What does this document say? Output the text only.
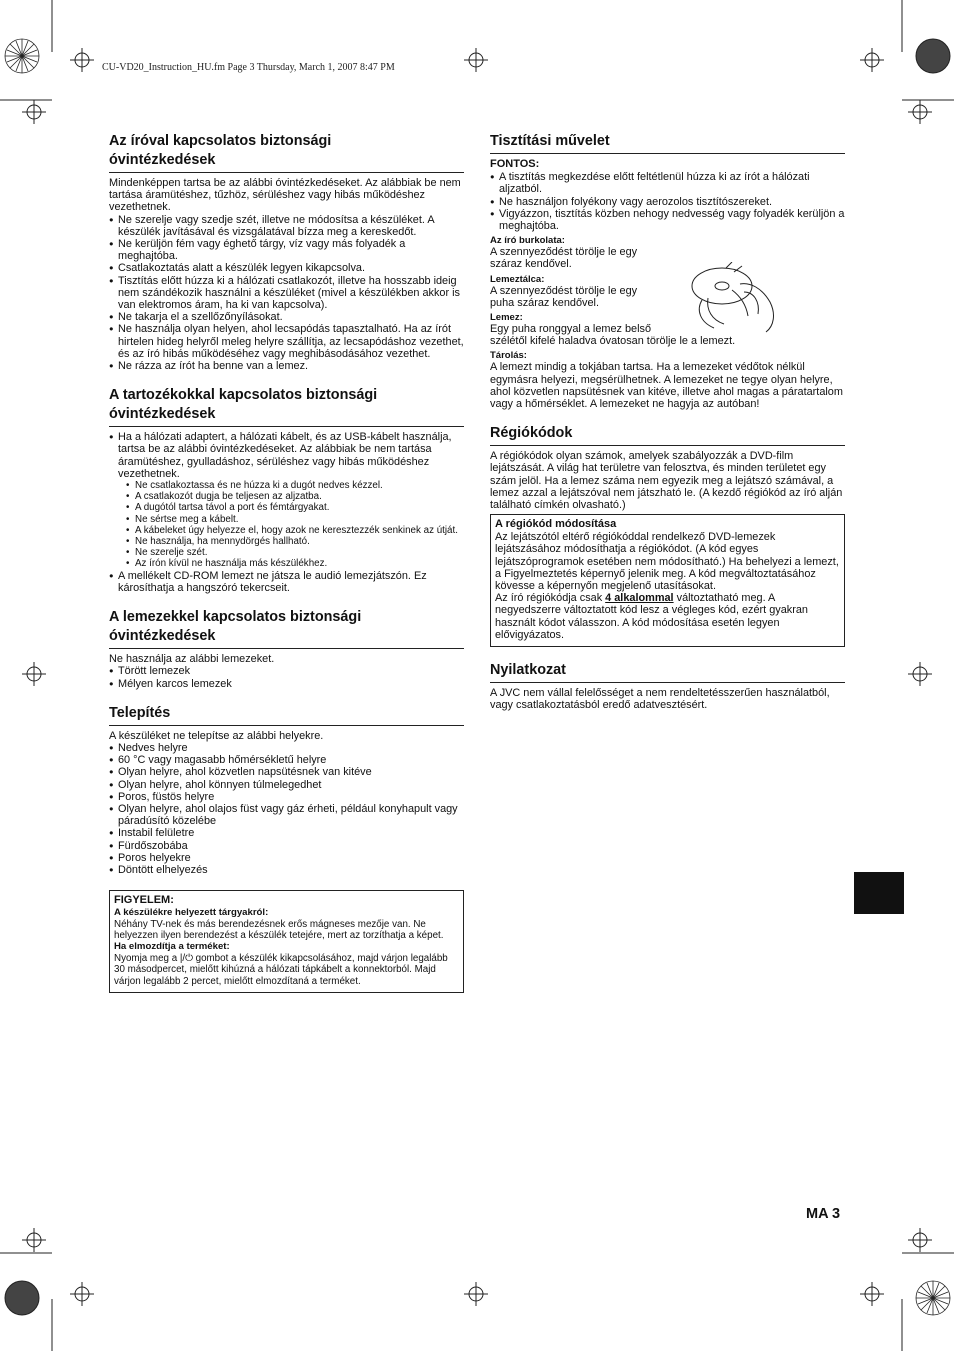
CU-VD20_Instruction_HU.fm Page 3 Thursday, March 1, 2007 8:47 PM
Az íróval kapcsolatos biztonsági
óvintézkedések

Mindenképpen tartsa be az alábbi óvintézkedéseket. Az alábbiak be nem tartása áramütéshez, tűzhöz, sérüléshez vagy hibás működéshez vezethetnek.

● Ne szerelje vagy szedje szét, illetve ne módosítsa a készüléket. A készülék javításával és vizsgálatával bízza meg a kereskedőt.
● Ne kerüljön fém vagy éghető tárgy, víz vagy más folyadék a meghajtóba.
● Csatlakoztatás alatt a készülék legyen kikapcsolva.
● Tisztítás előtt húzza ki a hálózati csatlakozót, illetve ha hosszabb ideig nem szándékozik használni a készüléket (mivel a készülékben akkor is van elektromos áram, ha ki van kapcsolva).
● Ne takarja el a szellőzőnyílásokat.
● Ne használja olyan helyen, ahol lecsapódás tapasztalható. Ha az írót hirtelen hideg helyről meleg helyre szállítja, az lecsapódáshoz vezethet, és az író hibás működéséhez vagy meghibásodásához vezethet.
● Ne rázza az írót ha benne van a lemez.
A tartozékokkal kapcsolatos biztonsági
óvintézkedések
● Ha a hálózati adaptert, a hálózati kábelt, és az USB-kábelt használja, tartsa be az alábbi óvintézkedéseket. Az alábbiak be nem tartása áramütéshez, gyulladáshoz, sérüléshez vagy hibás működéshez vezethetnek.
• Ne csatlakoztassa és ne húzza ki a dugót nedves kézzel.
• A csatlakozót dugja be teljesen az aljzatba.
• A dugótól tartsa távol a port és fémtárgyakat.
• Ne sértse meg a kábelt.
• A kábeleket úgy helyezze el, hogy azok ne keresztezzék senkinek az útját.
• Ne használja, ha mennydörgés hallható.
• Ne szerelje szét.
• Az írón kívül ne használja más készülékhez.
● A mellékelt CD-ROM lemezt ne játsza le audió lemezjátszón. Ez károsíthatja a hangszóró tekercseit.
A lemezekkel kapcsolatos biztonsági
óvintézkedések

Ne használja az alábbi lemezeket.

● Törött lemezek
● Mélyen karcos lemezek
Telepítés

A készüléket ne telepítse az alábbi helyekre.

● Nedves helyre
● 60 °C vagy magasabb hőmérsékletű helyre
● Olyan helyre, ahol közvetlen napsütésnek van kitéve
● Olyan helyre, ahol könnyen túlmelegedhet
● Poros, füstös helyre
● Olyan helyre, ahol olajos füst vagy gáz érheti, például konyhapult vagy páradúsító közelébe
● Instabil felületre
● Fürdőszobába
● Poros helyekre
● Döntött elhelyezés
FIGYELEM:
A készülékre helyezett tárgyakról:
Néhány TV-nek és más berendezésnek erős mágneses mezője van. Ne helyezzen ilyen berendezést a készülék tetejére, mert az torzíthatja a képet.
Ha elmozdítja a terméket:
Nyomja meg a |/⏻ gombot a készülék kikapcsolásához, majd várjon legalább 30 másodpercet, mielőtt kihúzná a hálózati tápkábelt a konnektorból. Majd várjon legalább 2 percet, mielőtt elmozdítaná a terméket.
Tisztítási művelet
FONTOS:
● A tisztítás megkezdése előtt feltétlenül húzza ki az írót a hálózati aljzatból.
● Ne használjon folyékony vagy aerozolos tisztítószereket.
● Vigyázzon, tisztítás közben nehogy nedvesség vagy folyadék kerüljön a meghajtóba.
Az író burkolata:

A szennyeződést törölje le egy
száraz kendővel.

Lemeztálca:

A szennyeződést törölje le egy
puha száraz kendővel.

Lemez:

Egy puha ronggyal a lemez belső
szélétől kifelé haladva óvatosan törölje le a lemezt.

Tárolás:

A lemezt mindig a tokjában tartsa. Ha a lemezeket védőtok nélkül egymásra helyezi, megsérülhetnek. A lemezeket ne tegye olyan helyre, ahol közvetlen napsütésnek van kitéve, illetve ahol magas a páratartalom vagy a hőmérséklet. A lemezeket ne hagyja az autóban!

Régiókódok

A régiókódok olyan számok, amelyek szabályozzák a DVD-film lejátszását. A világ hat területre van felosztva, és minden területet egy szám jelöl. Ha a lemez száma nem egyezik meg a lejátszó számával, a lemez azzal a lejátszóval nem játszható le. (A kezdő régiókód az író alján található címkén olvasható.)

A régiókód módosítása
Az lejátszótól eltérő régiókóddal rendelkező DVD-lemezek lejátszásához módosíthatja a régiókódot. (A kód egyes lejátszóprogramok esetében nem módosítható.) Ha behelyezi a lemezt, a Figyelmeztetés képernyő jelenik meg. A kód megváltoztatásához kövesse a képernyőn megjelenő utasításokat.
Az író régiókódja csak 4 alkalommal változtatható meg. A negyedszerre változtatott kód lesz a végleges kód, ezért gyakran használt kódot válasszon. A kód módosítása esetén legyen elővigyázatos.
Nyilatkozat

A JVC nem vállal felelősséget a nem rendeltetésszerűen használatból, vagy csatlakoztatásból eredő adatvesztésért.

MA 3
